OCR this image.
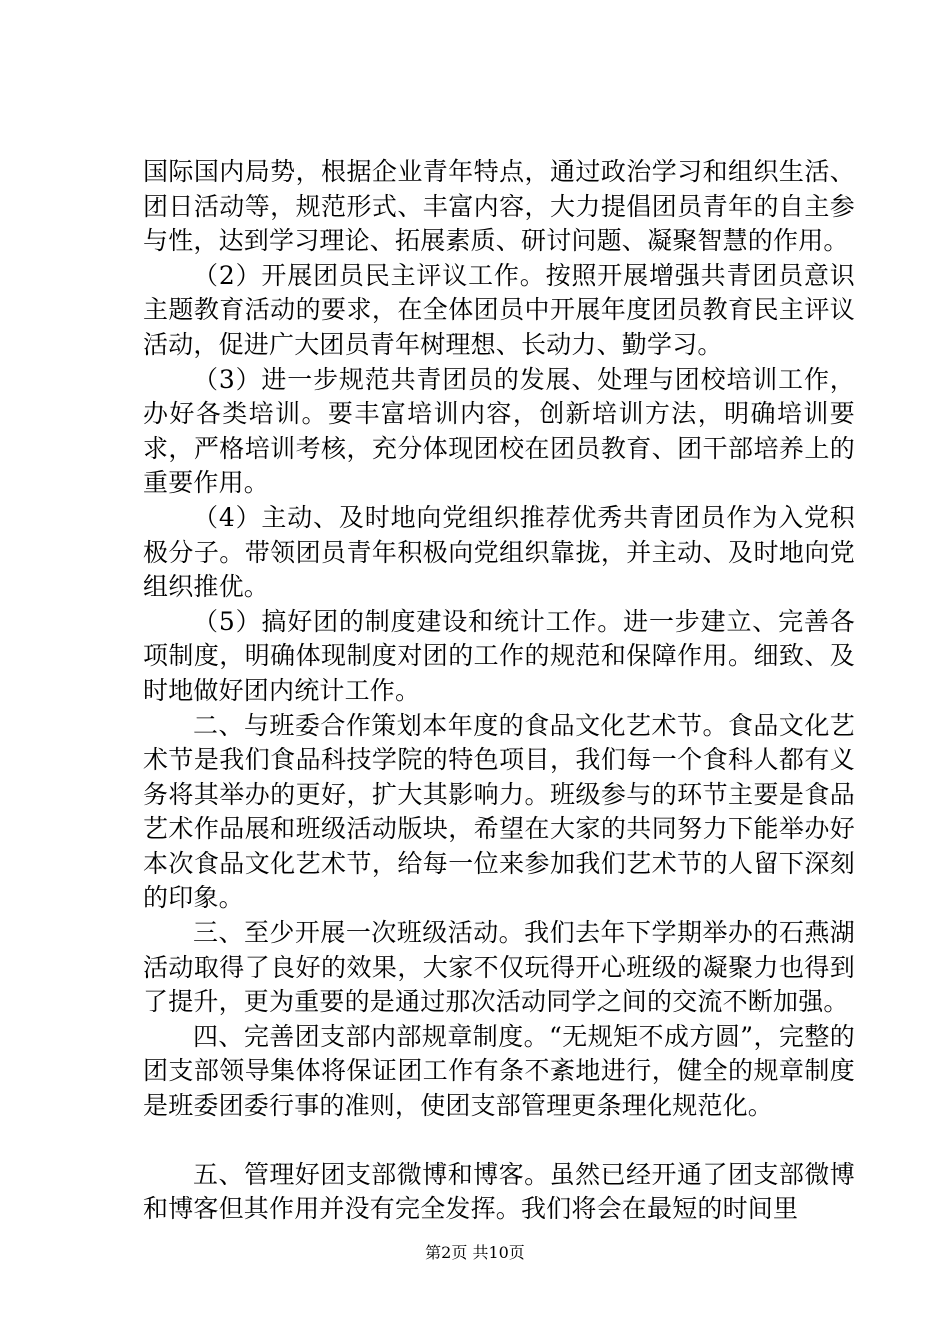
国际国内局势，根据企业青年特点，通过政治学习和组织生活、团日活动等，规范形式、丰富内容，大力提倡团员青年的自主参与性，达到学习理论、拓展素质、研讨问题、凝聚智慧的作用。

（2）开展团员民主评议工作。按照开展增强共青团员意识主题教育活动的要求，在全体团员中开展年度团员教育民主评议活动，促进广大团员青年树理想、长动力、勤学习。

（3）进一步规范共青团员的发展、处理与团校培训工作，办好各类培训。要丰富培训内容，创新培训方法，明确培训要求，严格培训考核，充分体现团校在团员教育、团干部培养上的重要作用。

（4）主动、及时地向党组织推荐优秀共青团员作为入党积极分子。带领团员青年积极向党组织靠拢，并主动、及时地向党组织推优。

（5）搞好团的制度建设和统计工作。进一步建立、完善各项制度，明确体现制度对团的工作的规范和保障作用。细致、及时地做好团内统计工作。

二、与班委合作策划本年度的食品文化艺术节。食品文化艺术节是我们食品科技学院的特色项目，我们每一个食科人都有义务将其举办的更好，扩大其影响力。班级参与的环节主要是食品艺术作品展和班级活动版块，希望在大家的共同努力下能举办好本次食品文化艺术节，给每一位来参加我们艺术节的人留下深刻的印象。

三、至少开展一次班级活动。我们去年下学期举办的石燕湖活动取得了良好的效果，大家不仅玩得开心班级的凝聚力也得到了提升，更为重要的是通过那次活动同学之间的交流不断加强。

四、完善团支部内部规章制度。“无规矩不成方圆”，完整的团支部领导集体将保证团工作有条不紊地进行，健全的规章制度是班委团委行事的准则，使团支部管理更条理化规范化。

五、管理好团支部微博和博客。虽然已经开通了团支部微博和博客但其作用并没有完全发挥。我们将会在最短的时间里

第2页 共10页
